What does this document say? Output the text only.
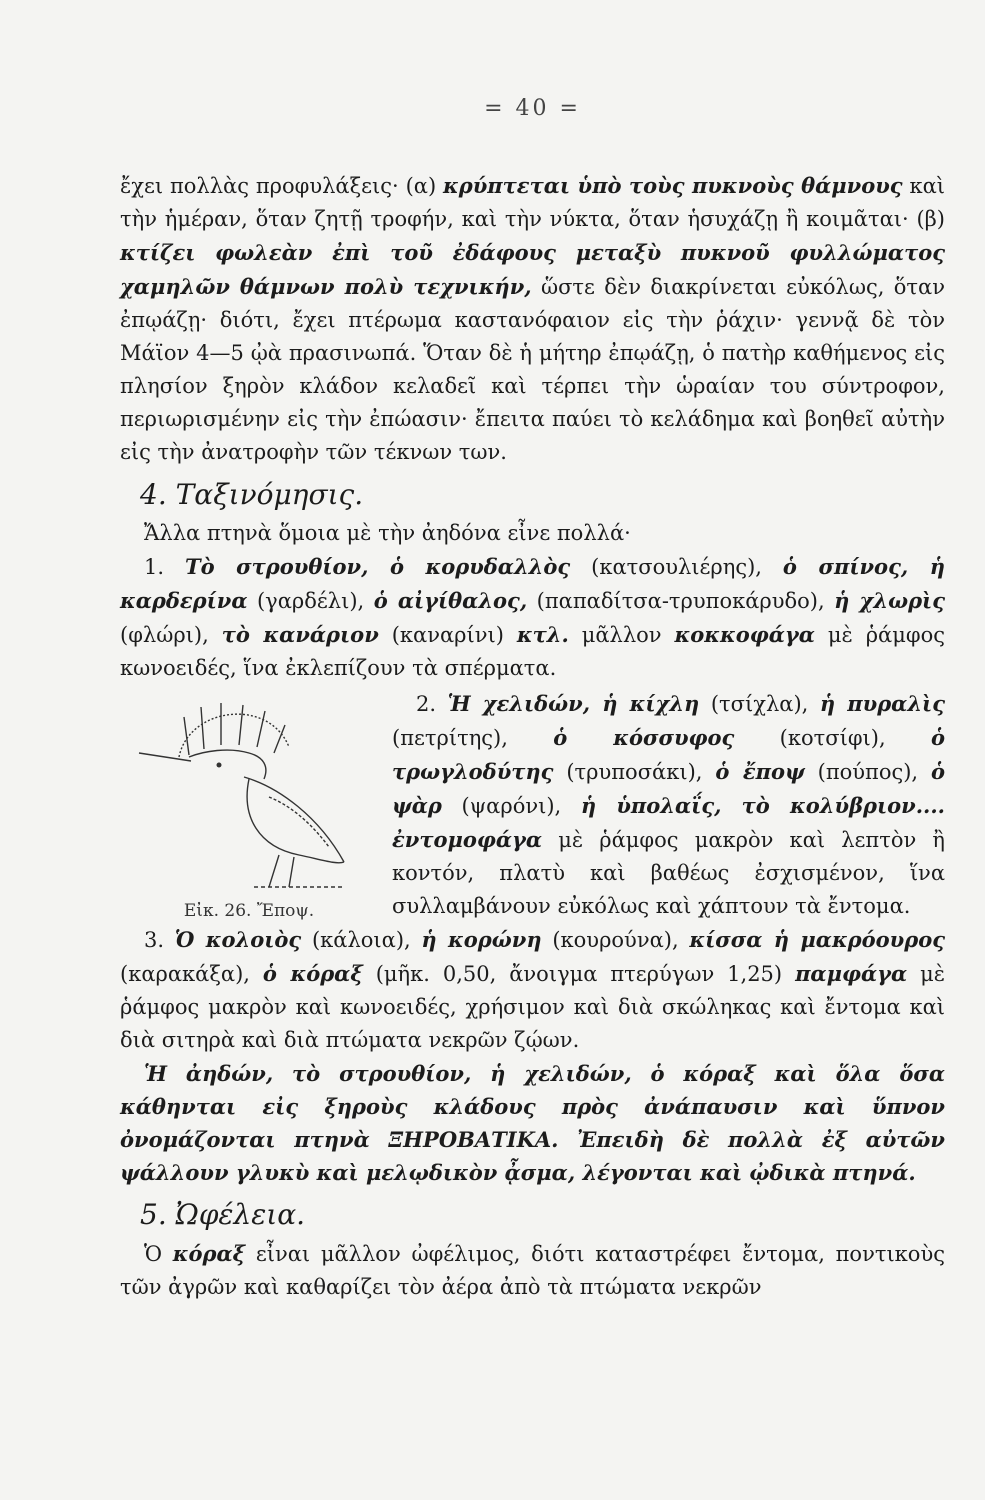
= 40 =

ἔχει πολλὰς προφυλάξεις· (α) κρύπτεται ὑπὸ τοὺς πυκνοὺς θάμνους καὶ τὴν ἡμέραν, ὅταν ζητῇ τροφήν, καὶ τὴν νύκτα, ὅταν ἡσυχάζῃ ἢ κοιμᾶται· (β) κτίζει φωλεὰν ἐπὶ τοῦ ἐδάφους μεταξὺ πυκνοῦ φυλλώματος χαμηλῶν θάμνων πολὺ τεχνικήν, ὥστε δὲν διακρίνεται εὐκόλως, ὅταν ἐπῳάζῃ· διότι, ἔχει πτέρωμα καστανόφαιον εἰς τὴν ῥάχιν· γεννᾷ δὲ τὸν Μάϊον 4—5 ᾠὰ πρασινωπά. Ὅταν δὲ ἡ μήτηρ ἐπῳάζῃ, ὁ πατὴρ καθήμενος εἰς πλησίον ξηρὸν κλάδον κελαδεῖ καὶ τέρπει τὴν ὡραίαν του σύντροφον, περιωρισμένην εἰς τὴν ἐπώασιν· ἔπειτα παύει τὸ κελάδημα καὶ βοηθεῖ αὐτὴν εἰς τὴν ἀνατροφὴν τῶν τέκνων των.

4. Ταξινόμησις.

Ἄλλα πτηνὰ ὅμοια μὲ τὴν ἀηδόνα εἶνε πολλά·

1. Τὸ στρουθίον, ὁ κορυδαλλὸς (κατσουλιέρης), ὁ σπίνος, ἡ καρδερίνα (γαρδέλι), ὁ αἰγίθαλος, (παπαδίτσα-τρυποκάρυδο), ἡ χλωρὶς (φλώρι), τὸ κανάριον (καναρίνι) κτλ. μᾶλλον κοκκοφάγα μὲ ῥάμφος κωνοειδές, ἵνα ἐκλεπίζουν τὰ σπέρματα.

Εἰκ. 26. Ἔποψ.

2. Ἡ χελιδών, ἡ κίχλη (τσίχλα), ἡ πυραλὶς (πετρίτης), ὁ κόσσυφος (κοτσίφι), ὁ τρωγλοδύτης (τρυποσάκι), ὁ ἔποψ (πούπος), ὁ ψὰρ (ψαρόνι), ἡ ὑπολαΐς, τὸ κολύβριον.... ἐντομοφάγα μὲ ῥάμφος μακρὸν καὶ λεπτὸν ἢ κοντόν, πλατὺ καὶ βαθέως ἐσχισμένον, ἵνα συλλαμβάνουν εὐκόλως καὶ χάπτουν τὰ ἔντομα.

3. Ὁ κολοιὸς (κάλοια), ἡ κορώνη (κουρούνα), κίσσα ἡ μακρόουρος (καρακάξα), ὁ κόραξ (μῆκ. 0,50, ἄνοιγμα πτερύγων 1,25) παμφάγα μὲ ῥάμφος μακρὸν καὶ κωνοειδές, χρήσιμον καὶ διὰ σκώληκας καὶ ἔντομα καὶ διὰ σιτηρὰ καὶ διὰ πτώματα νεκρῶν ζῴων.

Ἡ ἀηδών, τὸ στρουθίον, ἡ χελιδών, ὁ κόραξ καὶ ὅλα ὅσα κάθηνται εἰς ξηροὺς κλάδους πρὸς ἀνάπαυσιν καὶ ὕπνον ὀνομάζονται πτηνὰ ΞΗΡΟΒΑΤΙΚΑ. Ἐπειδὴ δὲ πολλὰ ἐξ αὐτῶν ψάλλουν γλυκὺ καὶ μελῳδικὸν ᾆσμα, λέγονται καὶ ᾠδικὰ πτηνά.

5. Ὠφέλεια.

Ὁ κόραξ εἶναι μᾶλλον ὠφέλιμος, διότι καταστρέφει ἔντομα, ποντικοὺς τῶν ἀγρῶν καὶ καθαρίζει τὸν ἀέρα ἀπὸ τὰ πτώματα νεκρῶν
